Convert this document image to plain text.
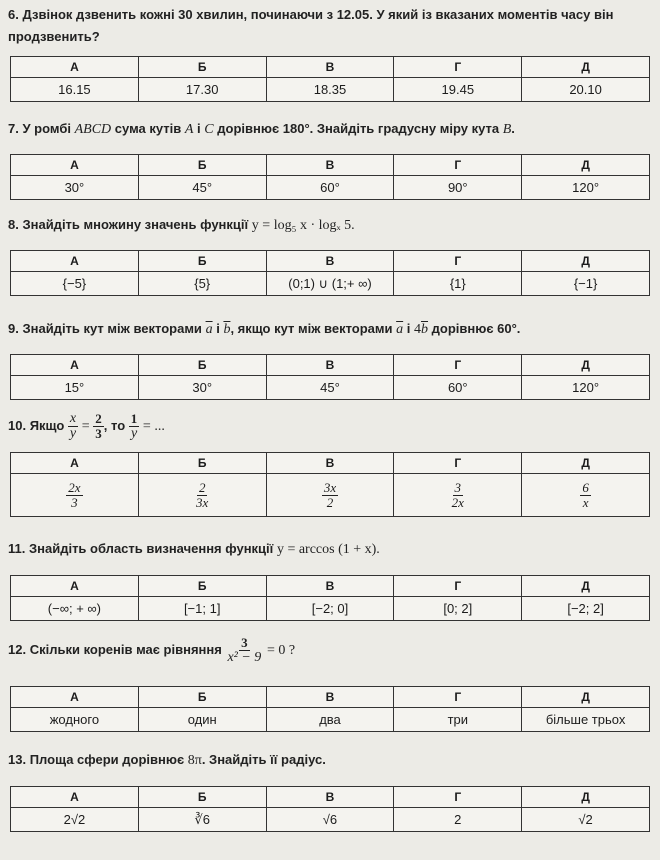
6. Дзвінок дзвенить кожні 30 хвилин, починаючи з 12.05. У який із вказаних моментів часу він продзвенить?
А	Б	В	Г	Д
16.15	17.30	18.35	19.45	20.10
7. У ромбі ABCD сума кутів A і C дорівнює 180°. Знайдіть градусну міру кута B.
А	Б	В	Г	Д
30°	45°	60°	90°	120°
8. Знайдіть множину значень функції y = log₅ x · logₓ 5.
А	Б	В	Г	Д
{−5}	{5}	(0;1) ∪ (1;+ ∞)	{1}	{−1}
9. Знайдіть кут між векторами $\overline{a}$ і $\overline{b}$, якщо кут між векторами $\overline{a}$ і $4\overline{b}$ дорівнює 60°.
А	Б	В	Г	Д
15°	30°	45°	60°	120°
10. Якщо $\frac{x}{y} = \frac{2}{3}$ , то $\frac{1}{y}$ = ...
А	Б	В	Г	Д

$\frac{2x}{3}$	$\frac{2}{3x}$	$\frac{3x}{2}$	$\frac{3}{2x}$	$\frac{6}{x}$
11. Знайдіть область визначення функції y = arccos (1 + x).
А	Б	В	Г	Д
(−∞; + ∞)	[−1; 1]	[−2; 0]	[0; 2]	[−2; 2]
12. Скільки коренів має рівняння $\frac{3}{\text{x² − 9}} = 0$ ?
А	Б	В	Г	Д
жодного	один	два	три	більше трьох
13. Площа сфери дорівнює 8π. Знайдіть її радіус.
А	Б	В	Г	Д
2√2	∛6	√6	2	√2
